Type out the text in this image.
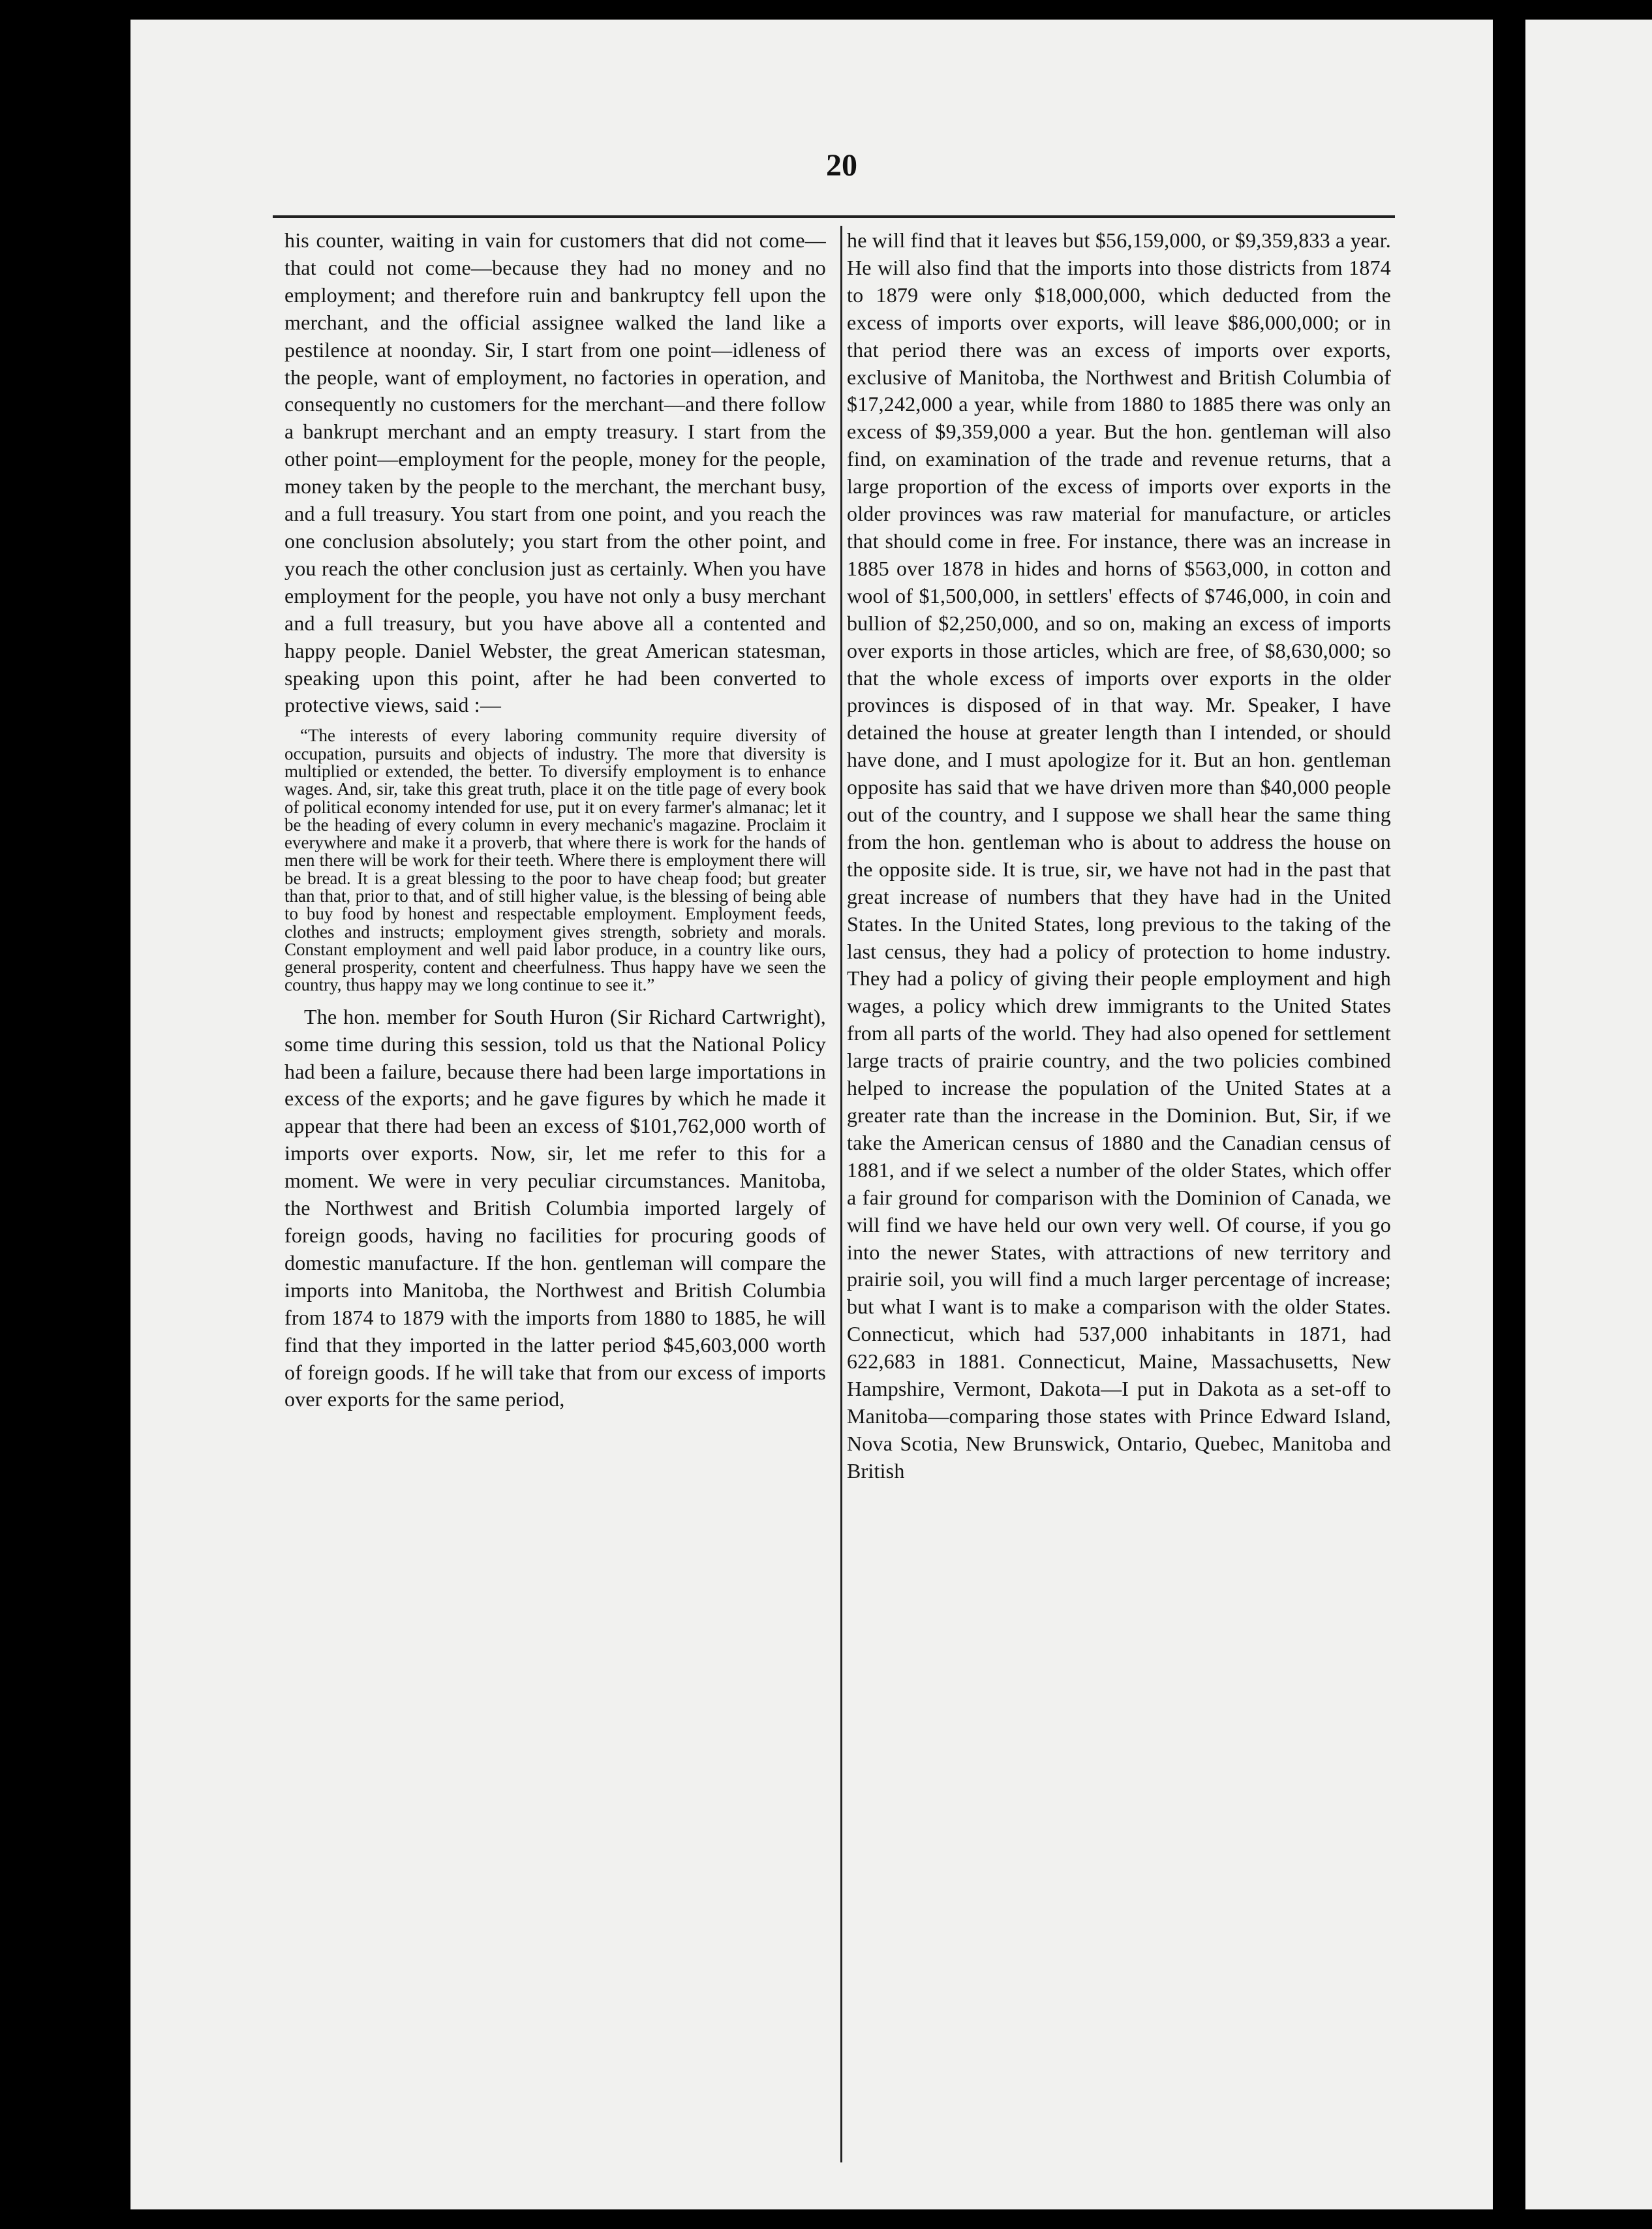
20

his counter, waiting in vain for customers that did not come—that could not come—because they had no money and no employment; and therefore ruin and bankruptcy fell upon the merchant, and the official assignee walked the land like a pestilence at noonday. Sir, I start from one point—idleness of the people, want of employment, no factories in operation, and consequently no customers for the merchant—and there follow a bankrupt merchant and an empty treasury. I start from the other point—employment for the people, money for the people, money taken by the people to the merchant, the merchant busy, and a full treasury. You start from one point, and you reach the one conclusion absolutely; you start from the other point, and you reach the other conclusion just as certainly. When you have employment for the people, you have not only a busy merchant and a full treasury, but you have above all a contented and happy people. Daniel Webster, the great American statesman, speaking upon this point, after he had been converted to protective views, said :—

“The interests of every laboring community require diversity of occupation, pursuits and objects of industry. The more that diversity is multiplied or extended, the better. To diversify employment is to enhance wages. And, sir, take this great truth, place it on the title page of every book of political economy intended for use, put it on every farmer's almanac; let it be the heading of every column in every mechanic's magazine. Proclaim it everywhere and make it a proverb, that where there is work for the hands of men there will be work for their teeth. Where there is employment there will be bread. It is a great blessing to the poor to have cheap food; but greater than that, prior to that, and of still higher value, is the blessing of being able to buy food by honest and respectable employment. Employment feeds, clothes and instructs; employment gives strength, sobriety and morals. Constant employment and well paid labor produce, in a country like ours, general prosperity, content and cheerfulness. Thus happy have we seen the country, thus happy may we long continue to see it.”

The hon. member for South Huron (Sir Richard Cartwright), some time during this session, told us that the National Policy had been a failure, because there had been large importations in excess of the exports; and he gave figures by which he made it appear that there had been an excess of $101,762,000 worth of imports over exports. Now, sir, let me refer to this for a moment. We were in very peculiar circumstances. Manitoba, the Northwest and British Columbia imported largely of foreign goods, having no facilities for procuring goods of domestic manufacture. If the hon. gentleman will compare the imports into Manitoba, the Northwest and British Columbia from 1874 to 1879 with the imports from 1880 to 1885, he will find that they imported in the latter period $45,603,000 worth of foreign goods. If he will take that from our excess of imports over exports for the same period,

he will find that it leaves but $56,159,000, or $9,359,833 a year. He will also find that the imports into those districts from 1874 to 1879 were only $18,000,000, which deducted from the excess of imports over exports, will leave $86,000,000; or in that period there was an excess of imports over exports, exclusive of Manitoba, the Northwest and British Columbia of $17,242,000 a year, while from 1880 to 1885 there was only an excess of $9,359,000 a year. But the hon. gentleman will also find, on examination of the trade and revenue returns, that a large proportion of the excess of imports over exports in the older provinces was raw material for manufacture, or articles that should come in free. For instance, there was an increase in 1885 over 1878 in hides and horns of $563,000, in cotton and wool of $1,500,000, in settlers' effects of $746,000, in coin and bullion of $2,250,000, and so on, making an excess of imports over exports in those articles, which are free, of $8,630,000; so that the whole excess of imports over exports in the older provinces is disposed of in that way. Mr. Speaker, I have detained the house at greater length than I intended, or should have done, and I must apologize for it. But an hon. gentleman opposite has said that we have driven more than $40,000 people out of the country, and I suppose we shall hear the same thing from the hon. gentleman who is about to address the house on the opposite side. It is true, sir, we have not had in the past that great increase of numbers that they have had in the United States. In the United States, long previous to the taking of the last census, they had a policy of protection to home industry. They had a policy of giving their people employment and high wages, a policy which drew immigrants to the United States from all parts of the world. They had also opened for settlement large tracts of prairie country, and the two policies combined helped to increase the population of the United States at a greater rate than the increase in the Dominion. But, Sir, if we take the American census of 1880 and the Canadian census of 1881, and if we select a number of the older States, which offer a fair ground for comparison with the Dominion of Canada, we will find we have held our own very well. Of course, if you go into the newer States, with attractions of new territory and prairie soil, you will find a much larger percentage of increase; but what I want is to make a comparison with the older States. Connecticut, which had 537,000 inhabitants in 1871, had 622,683 in 1881. Connecticut, Maine, Massachusetts, New Hampshire, Vermont, Dakota—I put in Dakota as a set-off to Manitoba—comparing those states with Prince Edward Island, Nova Scotia, New Brunswick, Ontario, Quebec, Manitoba and British
